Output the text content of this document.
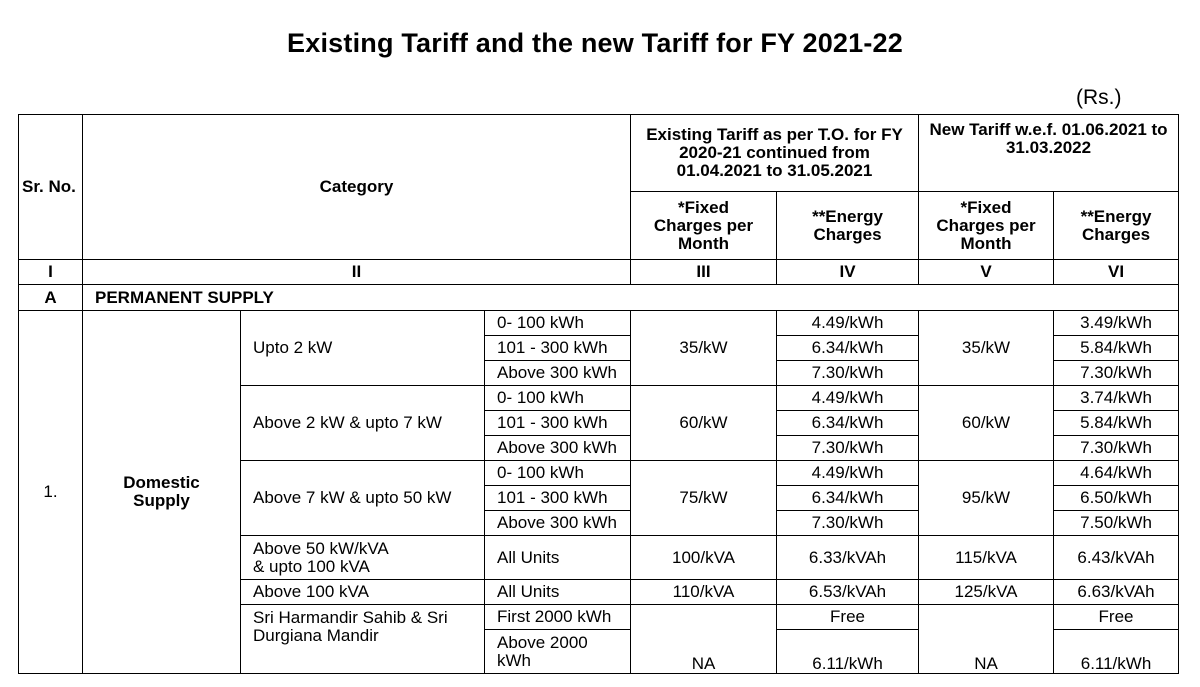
Existing Tariff and the new Tariff for FY 2021-22
(Rs.)
Sr. No.	Category			Existing Tariff as per T.O. for FY
2020-21 continued from
01.04.2021 to 31.05.2021		New Tariff w.e.f. 01.06.2021 to
31.03.2022	

				*Fixed
Charges per
Month	**Energy
Charges	*Fixed
Charges per
Month	**Energy
Charges

I	II			III	IV	V	VI
A	PERMANENT SUPPLY						
1.	Domestic
Supply	Upto 2 kW	0- 100 kWh	35/kW	4.49/kWh	35/kW	3.49/kWh
			101 - 300 kWh		6.34/kWh		5.84/kWh
			Above 300 kWh		7.30/kWh		7.30/kWh
		Above 2 kW & upto 7 kW	0- 100 kWh	60/kW	4.49/kWh	60/kW	3.74/kWh
			101 - 300 kWh		6.34/kWh		5.84/kWh
			Above 300 kWh		7.30/kWh		7.30/kWh
		Above 7 kW & upto 50 kW	0- 100 kWh	75/kW	4.49/kWh	95/kW	4.64/kWh
			101 - 300 kWh		6.34/kWh		6.50/kWh
			Above 300 kWh		7.30/kWh		7.50/kWh

		Above 50 kW/kVA
& upto 100 kVA	All Units	100/kVA	6.33/kVAh	115/kVA	6.43/kVAh
		Above 100 kVA	All Units	110/kVA	6.53/kVAh	125/kVA	6.63/kVAh

		Sri Harmandir Sahib & Sri
Durgiana Mandir	First 2000 kWh	NA	Free	NA	Free

			Above 2000
kWh		6.11/kWh		6.11/kWh
